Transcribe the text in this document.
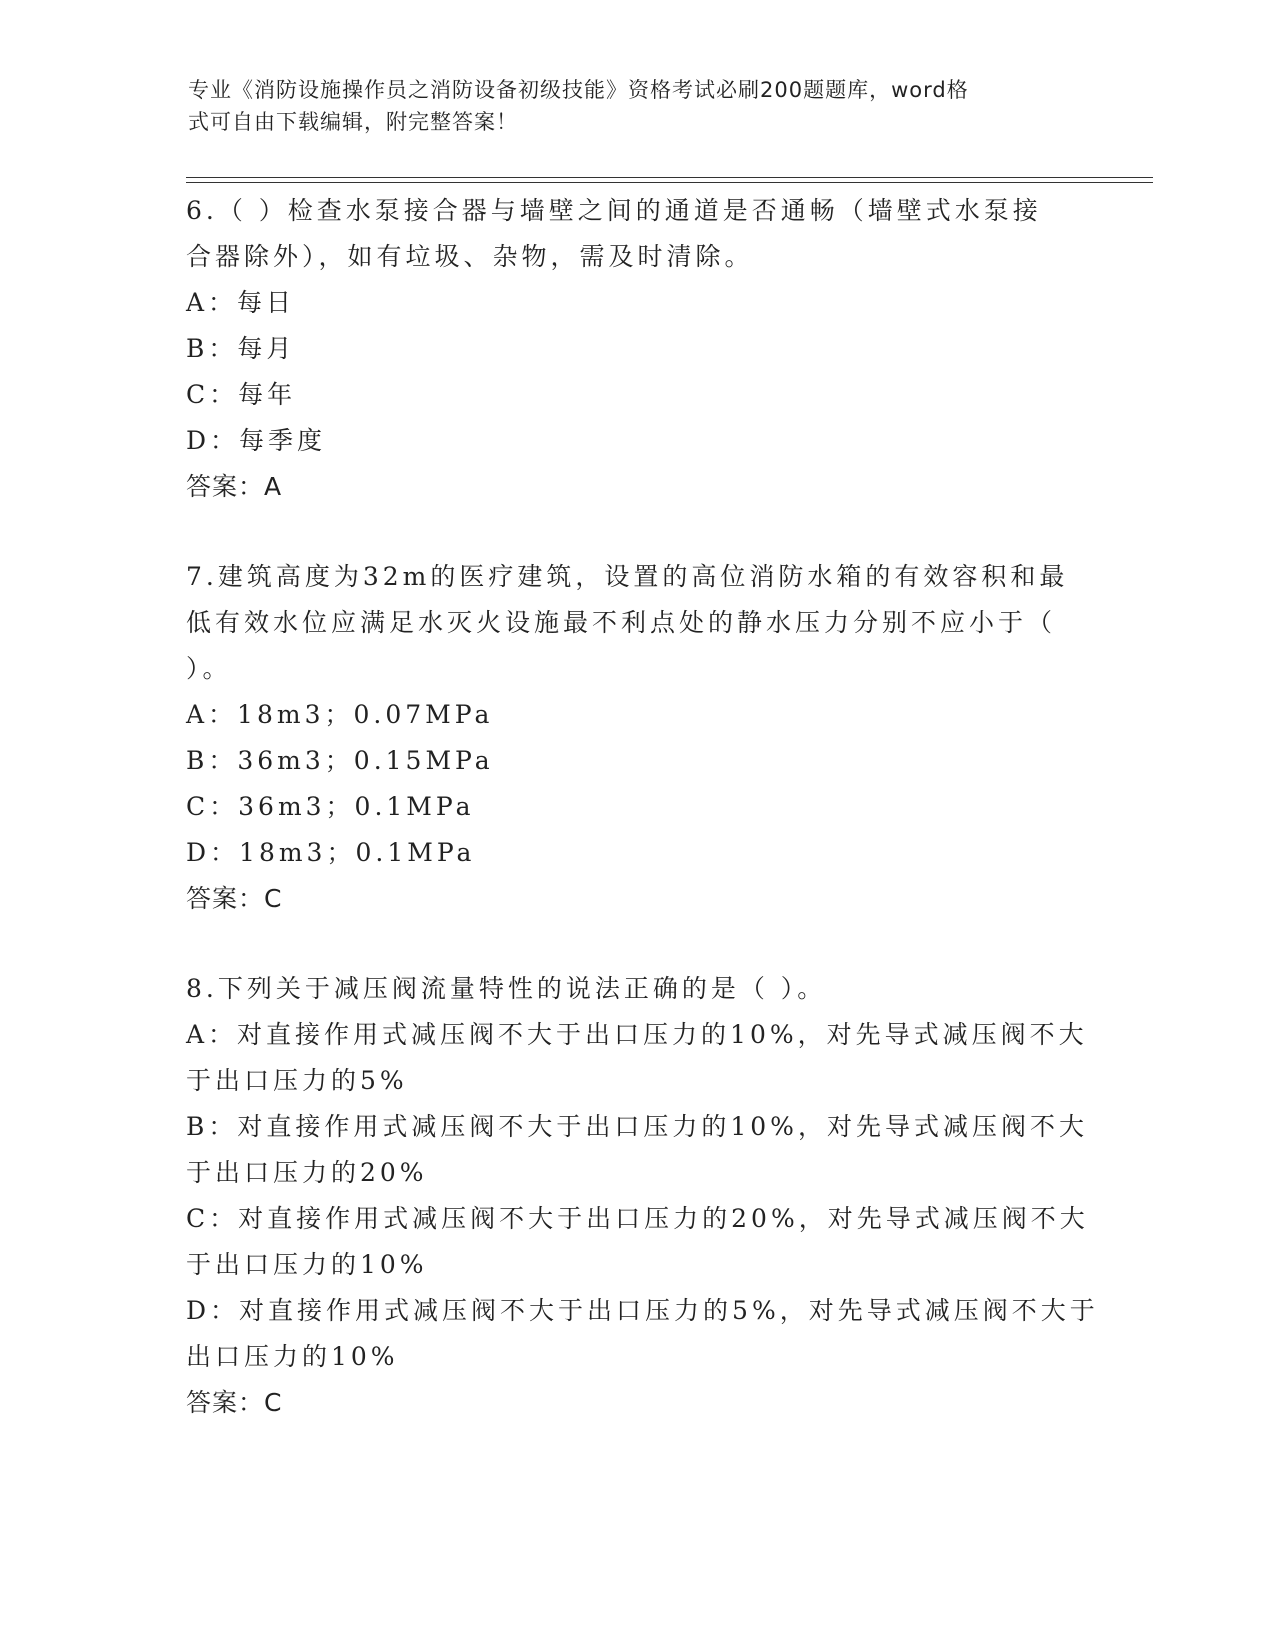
专业《消防设施操作员之消防设备初级技能》资格考试必刷200题题库，word格
式可自由下载编辑，附完整答案！
6.（ ）检查水泵接合器与墙壁之间的通道是否通畅（墙壁式水泵接
合器除外），如有垃圾、杂物，需及时清除。
A：每日
B：每月
C：每年
D：每季度
答案：A
7.建筑高度为32m的医疗建筑，设置的高位消防水箱的有效容积和最
低有效水位应满足水灭火设施最不利点处的静水压力分别不应小于（
）。
A：18m3；0.07MPa
B：36m3；0.15MPa
C：36m3；0.1MPa
D：18m3；0.1MPa
答案：C
8.下列关于减压阀流量特性的说法正确的是（ ）。
A：对直接作用式减压阀不大于出口压力的10%，对先导式减压阀不大
于出口压力的5%
B：对直接作用式减压阀不大于出口压力的10%，对先导式减压阀不大
于出口压力的20%
C：对直接作用式减压阀不大于出口压力的20%，对先导式减压阀不大
于出口压力的10%
D：对直接作用式减压阀不大于出口压力的5%，对先导式减压阀不大于
出口压力的10%
答案：C
